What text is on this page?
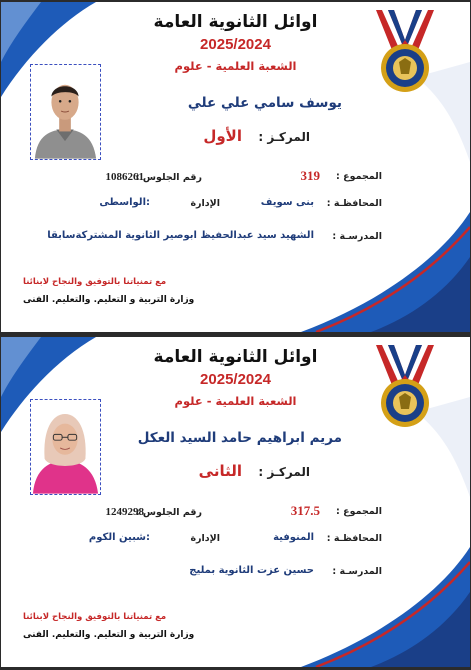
اوائل الثانوية العامة
2025/2024
الشعبة العلمية - علوم
يوسف سامي علي علي
المركـز :
الأول
المجموع :
319
رقم الجلوس :
1086261
المحافظـة :
بنى سويف
الإدارة
:الواسطى
المدرسـة :
الشهيد سيد عبدالحفيظ ابوصير الثانوية المشتركةسابقا
مع تمنياتنا بالتوفيق والنجاح لابنائنا
وزارة التربية و التعليم. والتعليم. الفنى
اوائل الثانوية العامة
2025/2024
الشعبة العلمية - علوم
مريم ابراهيم حامد السيد العكل
المركـز :
الثانى
المجموع :
317.5
رقم الجلوس :
1249298
المحافظـة :
المنوفية
الإدارة
:شبين الكوم
المدرسـة :
حسين عزت الثانوية بمليج
مع تمنياتنا بالتوفيق والنجاح لابنائنا
وزارة التربية و التعليم. والتعليم. الفنى
